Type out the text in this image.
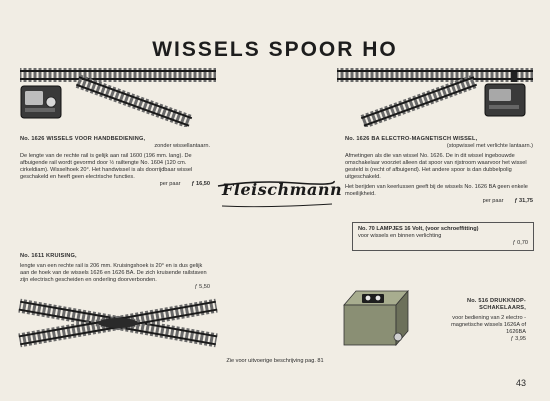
WISSELS SPOOR HO
No. 1626 WISSELS VOOR HANDBEDIENING,
zonder wissellantaarn.

De lengte van de rechte rail is gelijk aan rail 1600 (196 mm. lang). De afbuigende rail wordt gevormd door ½ railtengte No. 1604 (120 cm. cirkeldiam). Wisselhoek 20°. Het handwissel is als doorrijdbaar wissel geschakeld en heeft geen electrische functies.

per paar ƒ 16,50 Fleischmann
No. 1626 BA ELECTRO-MAGNETISCH WISSEL,
(stopwissel met verlichte lantaarn.)

Afmetingen als die van wissel No. 1626. De in dit wissel ingebouwde omschakelaar voorziet alleen dat spoor van rijstroom waarvoor het wissel gesteld is (recht of afbuigend). Het andere spoor is dan dubbelpolig uitgeschakeld.

Het berijden van keerlussen geeft bij de wissels No. 1626 BA geen enkele moeilijkheid.

per paar ƒ 31,75
No. 70 LAMPJES 16 Volt, (voor schroeffitting)
voor wissels en binnen verlichting
ƒ 0,70
No. 1611 KRUISING,

lengte van een rechte rail is 206 mm. Kruisingshoek is 20° en is dus gelijk aan de hoek van de wissels 1626 en 1626 BA. De zich kruisende railstaven zijn electrisch gescheiden en onderling doorverbonden.

ƒ 5,50
No. 516 DRUKKNOP-SCHAKELAARS,

voor bediening van 2 electro - magnetische wissels 1626A of 1626BA

ƒ 3,95
Zie voor uitvoerige beschrijving pag. 81
43
